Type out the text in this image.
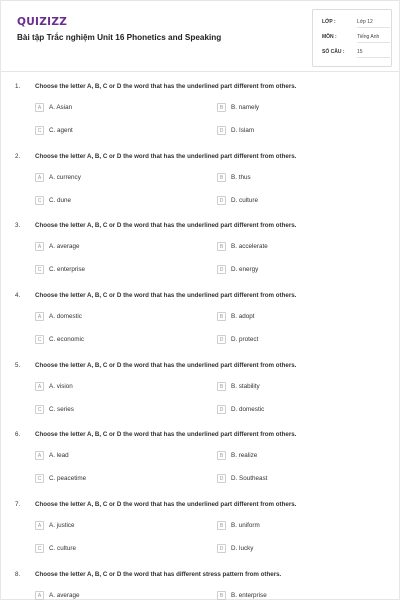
QUIZIZZ
Bài tập Trắc nghiệm Unit 16 Phonetics and Speaking
LỚP :	Lớp 12
MÔN :	Tiếng Anh
SỐ CÂU :	15
1. Choose the letter A, B, C or D the word that has the underlined part different from others.
A	A. Asian	B	B. namely
C	C. agent	D	D. Islam
2. Choose the letter A, B, C or D the word that has the underlined part different from others.
A	A. currency	B	B. thus
C	C. dune	D	D. culture
3. Choose the letter A, B, C or D the word that has the underlined part different from others.
A	A. average	B	B. accelerate
C	C. enterprise	D	D. energy
4. Choose the letter A, B, C or D the word that has the underlined part different from others.
A	A. domestic	B	B. adopt
C	C. economic	D	D. protect
5. Choose the letter A, B, C or D the word that has the underlined part different from others.
A	A. vision	B	B. stability
C	C. series	D	D. domestic
6. Choose the letter A, B, C or D the word that has the underlined part different from others.
A	A. lead	B	B. realize
C	C. peacetime	D	D. Southeast
7. Choose the letter A, B, C or D the word that has the underlined part different from others.
A	A. justice	B	B. uniform
C	C. culture	D	D. lucky
8. Choose the letter A, B, C or D the word that has different stress pattern from others.
A	A. average	B	B. enterprise
